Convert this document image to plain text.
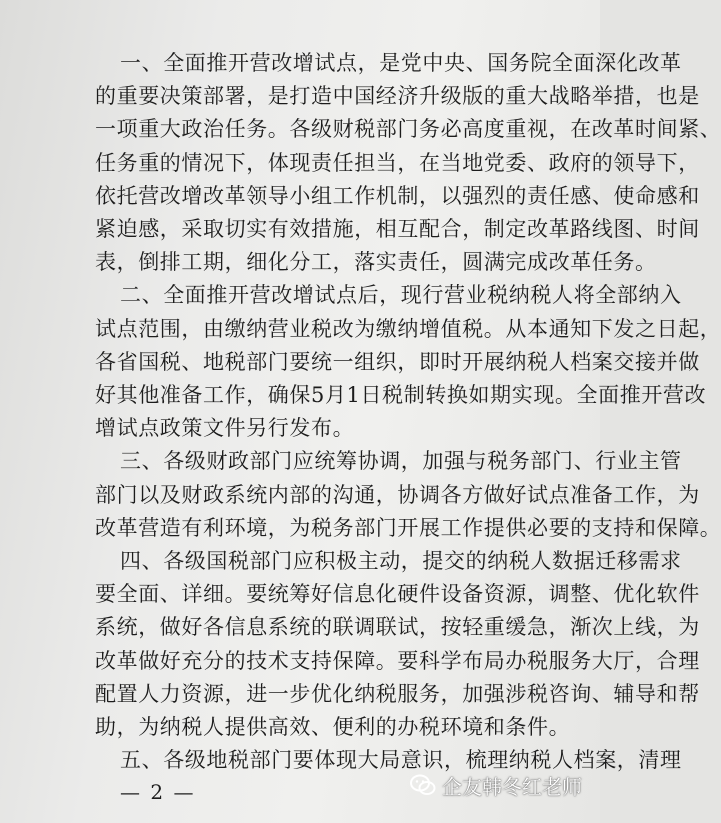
一、全面推开营改增试点，是党中央、国务院全面深化改革
的重要决策部署，是打造中国经济升级版的重大战略举措，也是
一项重大政治任务。各级财税部门务必高度重视，在改革时间紧、
任务重的情况下，体现责任担当，在当地党委、政府的领导下，
依托营改增改革领导小组工作机制，以强烈的责任感、使命感和
紧迫感，采取切实有效措施，相互配合，制定改革路线图、时间
表，倒排工期，细化分工，落实责任，圆满完成改革任务。
二、全面推开营改增试点后，现行营业税纳税人将全部纳入
试点范围，由缴纳营业税改为缴纳增值税。从本通知下发之日起，
各省国税、地税部门要统一组织，即时开展纳税人档案交接并做
好其他准备工作，确保5月1日税制转换如期实现。全面推开营改
增试点政策文件另行发布。
三、各级财政部门应统筹协调，加强与税务部门、行业主管
部门以及财政系统内部的沟通，协调各方做好试点准备工作，为
改革营造有利环境，为税务部门开展工作提供必要的支持和保障。
四、各级国税部门应积极主动，提交的纳税人数据迁移需求
要全面、详细。要统筹好信息化硬件设备资源，调整、优化软件
系统，做好各信息系统的联调联试，按轻重缓急，渐次上线，为
改革做好充分的技术支持保障。要科学布局办税服务大厅，合理
配置人力资源，进一步优化纳税服务，加强涉税咨询、辅导和帮
助，为纳税人提供高效、便利的办税环境和条件。
五、各级地税部门要体现大局意识，梳理纳税人档案，清理
— 2 —	企友韩冬红老师
